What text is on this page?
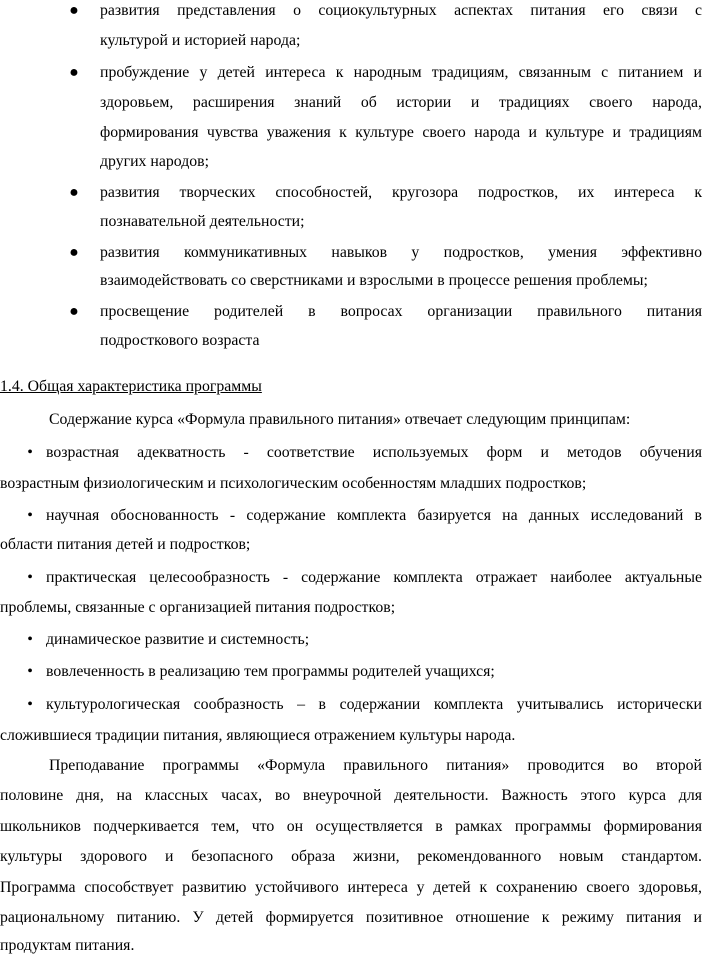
● развития представления о социокультурных аспектах питания его связи с
культурой и историей народа;
● пробуждение у детей интереса к народным традициям, связанным с питанием и
здоровьем, расширения знаний об истории и традициях своего народа,
формирования чувства уважения к культуре своего народа и культуре и традициям
других народов;
● развития творческих способностей, кругозора подростков, их интереса к
познавательной деятельности;
● развития коммуникативных навыков у подростков, умения эффективно
взаимодействовать со сверстниками и взрослыми в процессе решения проблемы;
● просвещение родителей в вопросах организации правильного питания
подросткового возраста
1.4. Общая характеристика программы
Содержание курса «Формула правильного питания» отвечает следующим принципам:
• возрастная адекватность - соответствие используемых форм и методов обучения
возрастным физиологическим и психологическим особенностям младших подростков;
• научная обоснованность - содержание комплекта базируется на данных исследований в
области питания детей и подростков;
• практическая целесообразность - содержание комплекта отражает наиболее актуальные
проблемы, связанные с организацией питания подростков;
• динамическое развитие и системность;
• вовлеченность в реализацию тем программы родителей учащихся;
• культурологическая сообразность – в содержании комплекта учитывались исторически
сложившиеся традиции питания, являющиеся отражением культуры народа.
Преподавание программы «Формула правильного питания» проводится во второй
половине дня, на классных часах, во внеурочной деятельности. Важность этого курса для
школьников подчеркивается тем, что он осуществляется в рамках программы формирования
культуры здорового и безопасного образа жизни, рекомендованного новым стандартом.
Программа способствует развитию устойчивого интереса у детей к сохранению своего здоровья,
рациональному питанию. У детей формируется позитивное отношение к режиму питания и
продуктам питания.
